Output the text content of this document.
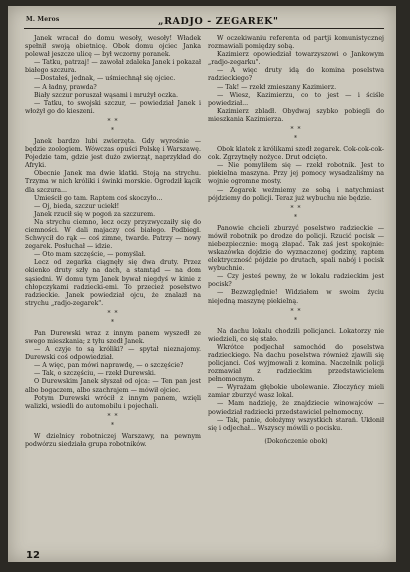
M. Meros	„RADJO - ZEGAREK"

Janek wracał do domu wesoły, wesoły! Władek spełnił swoją obietnicę. Obok domu ojciec Janka polewał jeszcze ulicę — był wczorny poranek.

— Tatku, patrzaj! — zawołał zdaleka Janek i pokazał białego szczura.

—Dostałeś, jednak, — uśmiechnął się ojciec.

— A ładny, prawda?

Biały szczur poruszał wąsami i mrużył oczka.

— Tatku, to swojski szczur, — powiedział Janek i włożył go do kieszeni.

* *
*

Janek bardzo lubi zwierzęta. Gdy wyrośnie — będzie zoologiem. Wówczas opuści Polskę i Warszawę. Pojedzie tam, gdzie jest dużo zwierząt, naprzykład do Afryki.

Obecnie Janek ma dwie klatki. Stoją na strychu. Trzyma w nich króliki i świnki morskie. Ogrodził kącik dla szczura...

Umieścił go tam. Raptem coś skoczyło...

— Oj, bieda, szczur uciekł!

Janek rzucił się w pogoń za szczurem.

Na strychu ciemno, lecz oczy przyzwyczaiły się do ciemności. W dali majaczy coś białego. Podbiegł. Schwycił do rąk — coś zimne, twarde. Patrzy — nowy zegarek. Posłuchał — idzie.

— Oto mam szczęście, — pomyślał.

Lecz od zegarka ciągnęły się dwa druty. Przez okienko druty szły na dach, a stamtąd — na dom sąsiedni. W domu tym Janek bywał niegdyś w kinie z chłopczykami radziecki-emi. To przecież posełstwo radzieckie. Janek powiedział ojcu, że znalazł na strychu „radjo-zegarek".

* *
*

Pan Durewski wraz z innym panem wyszedł ze swego mieszkania; z tyłu szedł Janek.

— A czyje to są króliki? — spytał nieznajomy. Durewski coś odpowiedział.

— A więc, pan mówi naprawdę, — o szczęście?

— Tak, o szczęściu, — rzekł Durewski.

O Durewskim Janek słyszał od ojca: — Ten pan jest albo bogaczem, albo szachrajem — mówił ojciec.

Potym Durewski wrócił z innym panem, wzięli walizki, wsiedli do automobilu i pojechali.

* *
*

W dzielnicy robotniczej Warszawy, na pewnym podwórzu siedziała grupa robotników.

W oczekiwaniu referenta od partji komunistycznej rozmawiali pomiędzy sobą.

Kazimierz opowiedział towarzyszowi o Jankowym „radjo-zegarku".

— A więc druty idą do komina poselstwa radzieckiego?

— Tak! — rzekł zmieszany Kazimierz.

— Wiesz, Kazimierzu, co to jest — i ściśle powiedział...

Kazimierz zbladł. Obydwaj szybko pobiegli do mieszkania Kazimierza.

* *
*

Obok klatek z królikami szedł zegarek. Cok-cok-cok-cok. Zgrzytnęły nożyce. Drut odcięto.

— Nie pomyliłem się — rzekł robotnik. Jest to piekielna maszyna. Przy jej pomocy wysadzaliśmy na wojnie ogromne mosty.

— Zegarek weźmiemy ze sobą i natychmiast pójdziemy do policji. Teraz już wybuchu nie będzie.

* *
*

Panowie chcieli zburzyć poselstwo radzieckie — mówił robotnik po drodze do policji. Rzucić pocisk — niebezpiecznie: mogą złapać. Tak zaś jest spokojnie: wskazówka dojdzie do wyznaczonej godziny, raptem elektryczność pójdzie po drutach, spali nabój i pocisk wybuchnie.

— Czy jesteś pewny, że w lokalu radzieckim jest pocisk?

— Bezwzględnie! Widziałem w swoim życiu niejedną maszynę piekielną.

* *
*

Na dachu lokalu chodzili policjanci. Lokatorzy nie wiedzieli, co się stało.

Wkrótce podjechał samochód do poselstwa radzieckiego. Na dachu poselstwa również zjawili się policjanci. Coś wyjmowali z komina. Naczelnik policji rozmawiał z radzieckim przedstawicielem pełnomocnym.

— Wyrażam głębokie ubolewanie. Złoczyńcy mieli zamiar zburzyć wasz lokal.

— Mam nadzieję, że znajdziecie winowajców — powiedział radziecki przedstawiciel pełnomocny.

— Tak, panie, dołożymy wszystkich starań. Ukłonił się i odjechał... Wszyscy mówili o pocisku.

(Dokończenie obok)
12
